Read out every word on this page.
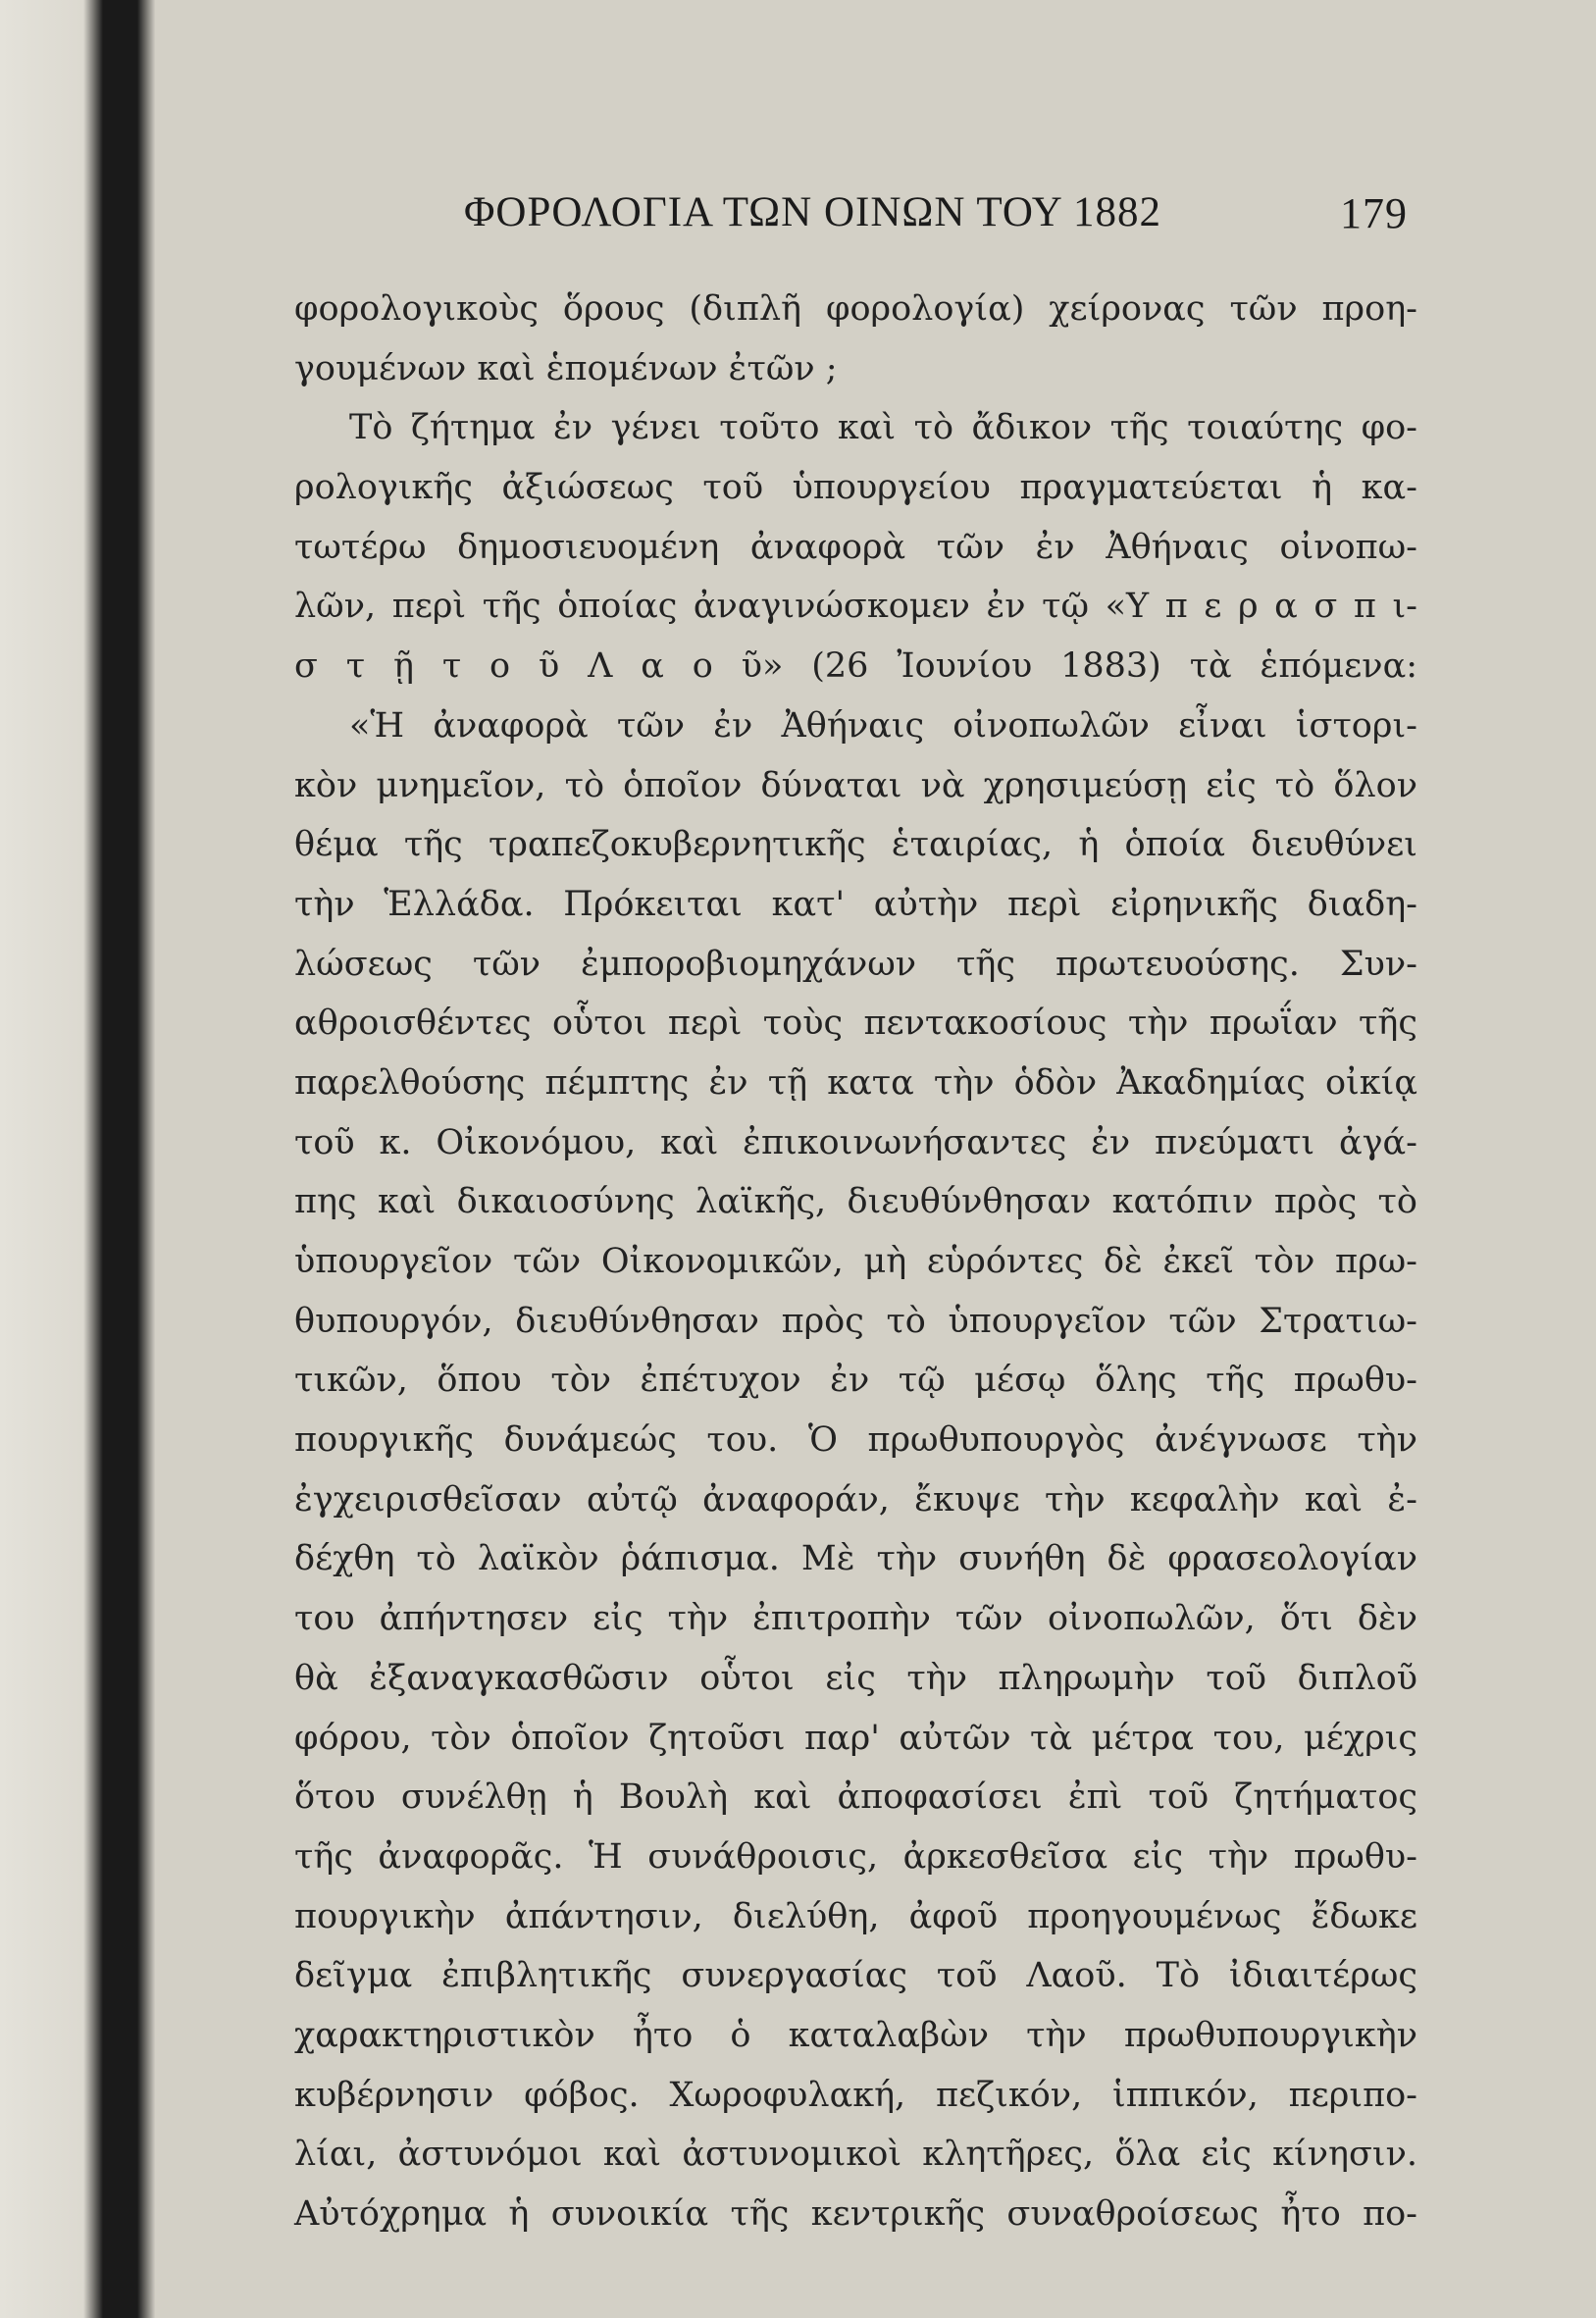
ΦΟΡΟΛΟΓΙΑ ΤΩΝ ΟΙΝΩΝ ΤΟΥ 1882	179
φορολογικοὺς ὅρους (διπλῆ φορολογία) χείρονας τῶν προη-
γουμένων καὶ ἑπομένων ἐτῶν ;
Τὸ ζήτημα ἐν γένει τοῦτο καὶ τὸ ἄδικον τῆς τοιαύτης φο-
ρολογικῆς ἀξιώσεως τοῦ ὑπουργείου πραγματεύεται ἡ κα-
τωτέρω δημοσιευομένη ἀναφορὰ τῶν ἐν Ἀθήναις οἰνοπω-
λῶν, περὶ τῆς ὁποίας ἀναγινώσκομεν ἐν τῷ «Υ π ε ρ α σ π ι-
σ τ ῇ τ ο ῦ Λ α ο ῦ» (26 Ἰουνίου 1883) τὰ ἑπόμενα:
«Ἡ ἀναφορὰ τῶν ἐν Ἀθήναις οἰνοπωλῶν εἶναι ἱστορι-
κὸν μνημεῖον, τὸ ὁποῖον δύναται νὰ χρησιμεύσῃ εἰς τὸ ὅλον
θέμα τῆς τραπεζοκυβερνητικῆς ἑταιρίας, ἡ ὁποία διευθύνει
τὴν Ἑλλάδα. Πρόκειται κατ' αὐτὴν περὶ εἰρηνικῆς διαδη-
λώσεως τῶν ἐμποροβιομηχάνων τῆς πρωτευούσης. Συν-
αθροισθέντες οὗτοι περὶ τοὺς πεντακοσίους τὴν πρωΐαν τῆς
παρελθούσης πέμπτης ἐν τῇ κατα τὴν ὁδὸν Ἀκαδημίας οἰκίᾳ
τοῦ κ. Οἰκονόμου, καὶ ἐπικοινωνήσαντες ἐν πνεύματι ἀγά-
πης καὶ δικαιοσύνης λαϊκῆς, διευθύνθησαν κατόπιν πρὸς τὸ
ὑπουργεῖον τῶν Οἰκονομικῶν, μὴ εὑρόντες δὲ ἐκεῖ τὸν πρω-
θυπουργόν, διευθύνθησαν πρὸς τὸ ὑπουργεῖον τῶν Στρατιω-
τικῶν, ὅπου τὸν ἐπέτυχον ἐν τῷ μέσῳ ὅλης τῆς πρωθυ-
πουργικῆς δυνάμεώς του. Ὁ πρωθυπουργὸς ἀνέγνωσε τὴν
ἐγχειρισθεῖσαν αὐτῷ ἀναφοράν, ἔκυψε τὴν κεφαλὴν καὶ ἐ-
δέχθη τὸ λαϊκὸν ῥάπισμα. Μὲ τὴν συνήθη δὲ φρασεολογίαν
του ἀπήντησεν εἰς τὴν ἐπιτροπὴν τῶν οἰνοπωλῶν, ὅτι δὲν
θὰ ἐξαναγκασθῶσιν οὗτοι εἰς τὴν πληρωμὴν τοῦ διπλοῦ
φόρου, τὸν ὁποῖον ζητοῦσι παρ' αὐτῶν τὰ μέτρα του, μέχρις
ὅτου συνέλθῃ ἡ Βουλὴ καὶ ἀποφασίσει ἐπὶ τοῦ ζητήματος
τῆς ἀναφορᾶς. Ἡ συνάθροισις, ἀρκεσθεῖσα εἰς τὴν πρωθυ-
πουργικὴν ἀπάντησιν, διελύθη, ἀφοῦ προηγουμένως ἔδωκε
δεῖγμα ἐπιβλητικῆς συνεργασίας τοῦ Λαοῦ. Τὸ ἰδιαιτέρως
χαρακτηριστικὸν ἦτο ὁ καταλαβὼν τὴν πρωθυπουργικὴν
κυβέρνησιν φόβος. Χωροφυλακή, πεζικόν, ἱππικόν, περιπο-
λίαι, ἀστυνόμοι καὶ ἀστυνομικοὶ κλητῆρες, ὅλα εἰς κίνησιν.
Αὐτόχρημα ἡ συνοικία τῆς κεντρικῆς συναθροίσεως ἦτο πο-
